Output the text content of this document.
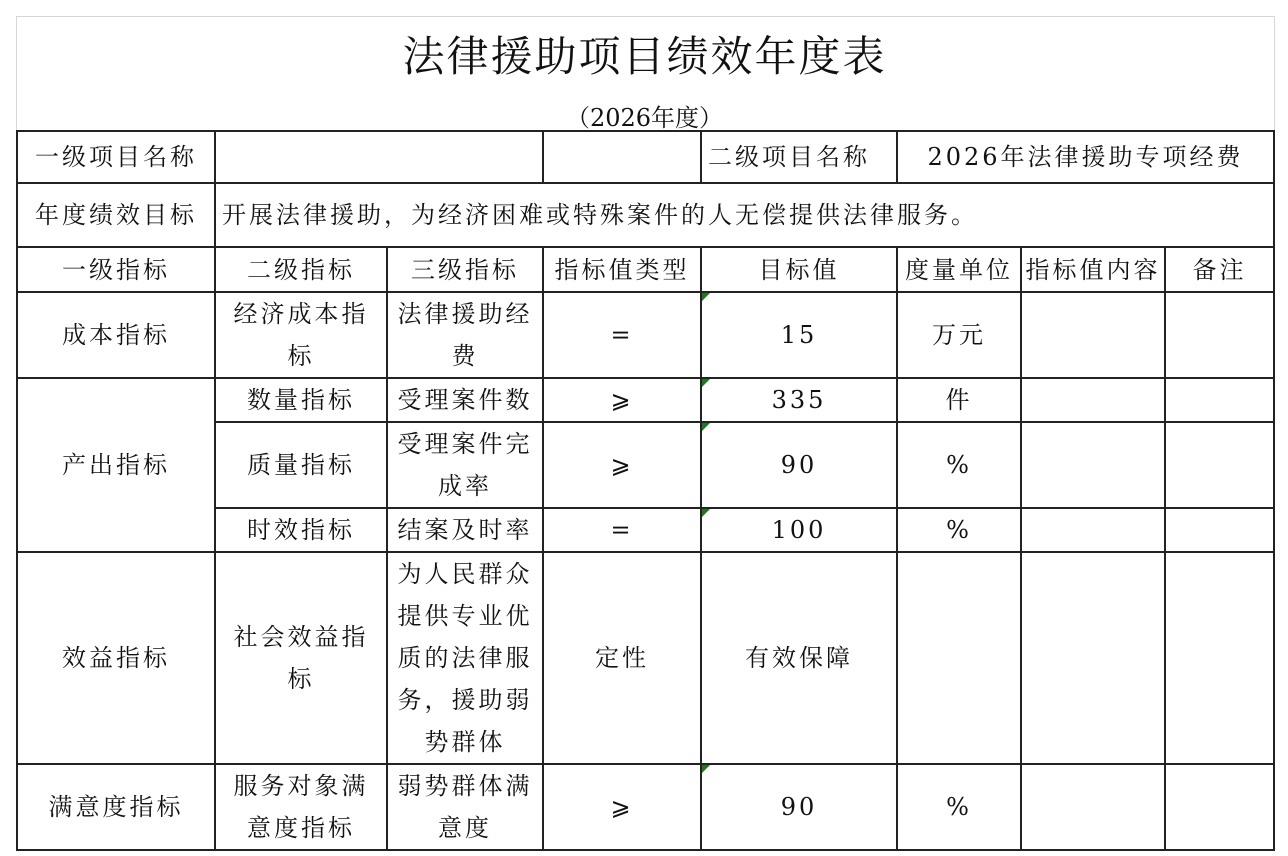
法律援助项目绩效年度表
（2026年度）
一级项目名称				二级项目名称	2026年法律援助专项经费		
年度绩效目标	开展法律援助，为经济困难或特殊案件的人无偿提供法律服务。						
一级指标	二级指标	三级指标	指标值类型	目标值	度量单位	指标值内容	备注
成本指标	经济成本指标	法律援助经费	=	15	万元		
产出指标	数量指标	受理案件数	⩾	335	件		
	质量指标	受理案件完成率	⩾	90	%		
	时效指标	结案及时率	=	100	%		
效益指标	社会效益指标	为人民群众提供专业优质的法律服务，援助弱势群体	定性	有效保障			
满意度指标	服务对象满意度指标	弱势群体满意度	⩾	90	%		
